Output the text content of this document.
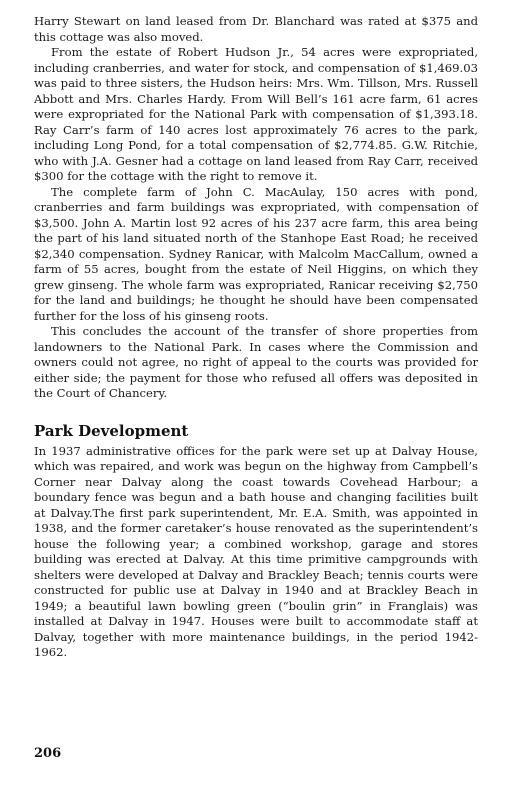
Harry Stewart on land leased from Dr. Blanchard was rated at $375 and this cottage was also moved.

From the estate of Robert Hudson Jr., 54 acres were expropriated, including cranberries, and water for stock, and compensation of $1,469.03 was paid to three sisters, the Hudson heirs: Mrs. Wm. Tillson, Mrs. Russell Abbott and Mrs. Charles Hardy. From Will Bell’s 161 acre farm, 61 acres were expropriated for the National Park with compensation of $1,393.18. Ray Carr’s farm of 140 acres lost approximately 76 acres to the park, including Long Pond, for a total compensation of $2,774.85. G.W. Ritchie, who with J.A. Gesner had a cottage on land leased from Ray Carr, received $300 for the cottage with the right to remove it.

The complete farm of John C. MacAulay, 150 acres with pond, cranberries and farm buildings was expropriated, with compensation of $3,500. John A. Martin lost 92 acres of his 237 acre farm, this area being the part of his land situated north of the Stanhope East Road; he received $2,340 compensation. Sydney Ranicar, with Malcolm MacCallum, owned a farm of 55 acres, bought from the estate of Neil Higgins, on which they grew ginseng. The whole farm was expropriated, Ranicar receiving $2,750 for the land and buildings; he thought he should have been compensated further for the loss of his ginseng roots.

This concludes the account of the transfer of shore properties from landowners to the National Park. In cases where the Commission and owners could not agree, no right of appeal to the courts was provided for either side; the payment for those who refused all offers was deposited in the Court of Chancery.

Park Development

In 1937 administrative offices for the park were set up at Dalvay House, which was repaired, and work was begun on the highway from Campbell’s Corner near Dalvay along the coast towards Covehead Harbour; a boundary fence was begun and a bath house and changing facilities built at Dalvay.The first park superintendent, Mr. E.A. Smith, was appointed in 1938, and the former caretaker’s house renovated as the superintendent’s house the following year; a combined workshop, garage and stores building was erected at Dalvay. At this time primitive campgrounds with shelters were developed at Dalvay and Brackley Beach; tennis courts were constructed for public use at Dalvay in 1940 and at Brackley Beach in 1949; a beautiful lawn bowling green (“boulin grin” in Franglais) was installed at Dalvay in 1947. Houses were built to accommodate staff at Dalvay, together with more maintenance buildings, in the period 1942-1962.

206
